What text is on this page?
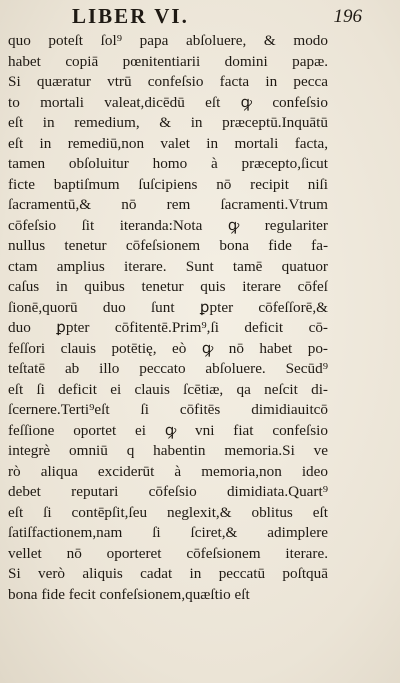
LIBER VI.	196
quo poteſt ſol⁹ papa abſoluere, & modo
habet copiā pœnitentiarii domini papæ.
Si quæratur vtrū confeſsio facta in pecca
to mortali valeat,dicēdū eſt ꝙ confeſsio
eſt in remedium, & in præceptū.Inquātū
eſt in remediū,non valet in mortali facta,
tamen obſoluitur homo à præcepto,ſicut
ficte baptiſmum ſuſcipiens nō recipit niſi
ſacramentū,& nō rem ſacramenti.Vtrum
cōfeſsio ſit iteranda:Nota ꝙ regulariter
nullus tenetur cōfeſsionem bona fide fa-
ctam amplius iterare. Sunt tamē quatuor
caſus in quibus tenetur quis iterare cōfeſ
ſionē,quorū duo ſunt ꝑpter cōfeſſorē,&
duo ꝑpter cōfitentē.Prim⁹,ſi deficit cō-
feſſori clauis potētię, eò ꝙ nō habet po-
teſtatē ab illo peccato abſoluere. Secūd⁹
eſt ſi deficit ei clauis ſcētiæ, qa neſcit di-
ſcernere.Terti⁹eſt ſi cōfitēs dimidiauitcō
feſſione oportet ei ꝙ vni fiat confeſsio
integrè omniū q habentin memoria.Si ve
rò aliqua exciderūt à memoria,non ideo
debet reputari cōfeſsio dimidiata.Quart⁹
eſt ſi contēpſit,ſeu neglexit,& oblitus eſt
ſatiſfactionem,nam ſi ſciret,& adimplere
vellet nō oporteret cōfeſsionem iterare.
Si verò aliquis cadat in peccatū poſtquā
bona fide fecit confeſsionem,quæſtio eſt
